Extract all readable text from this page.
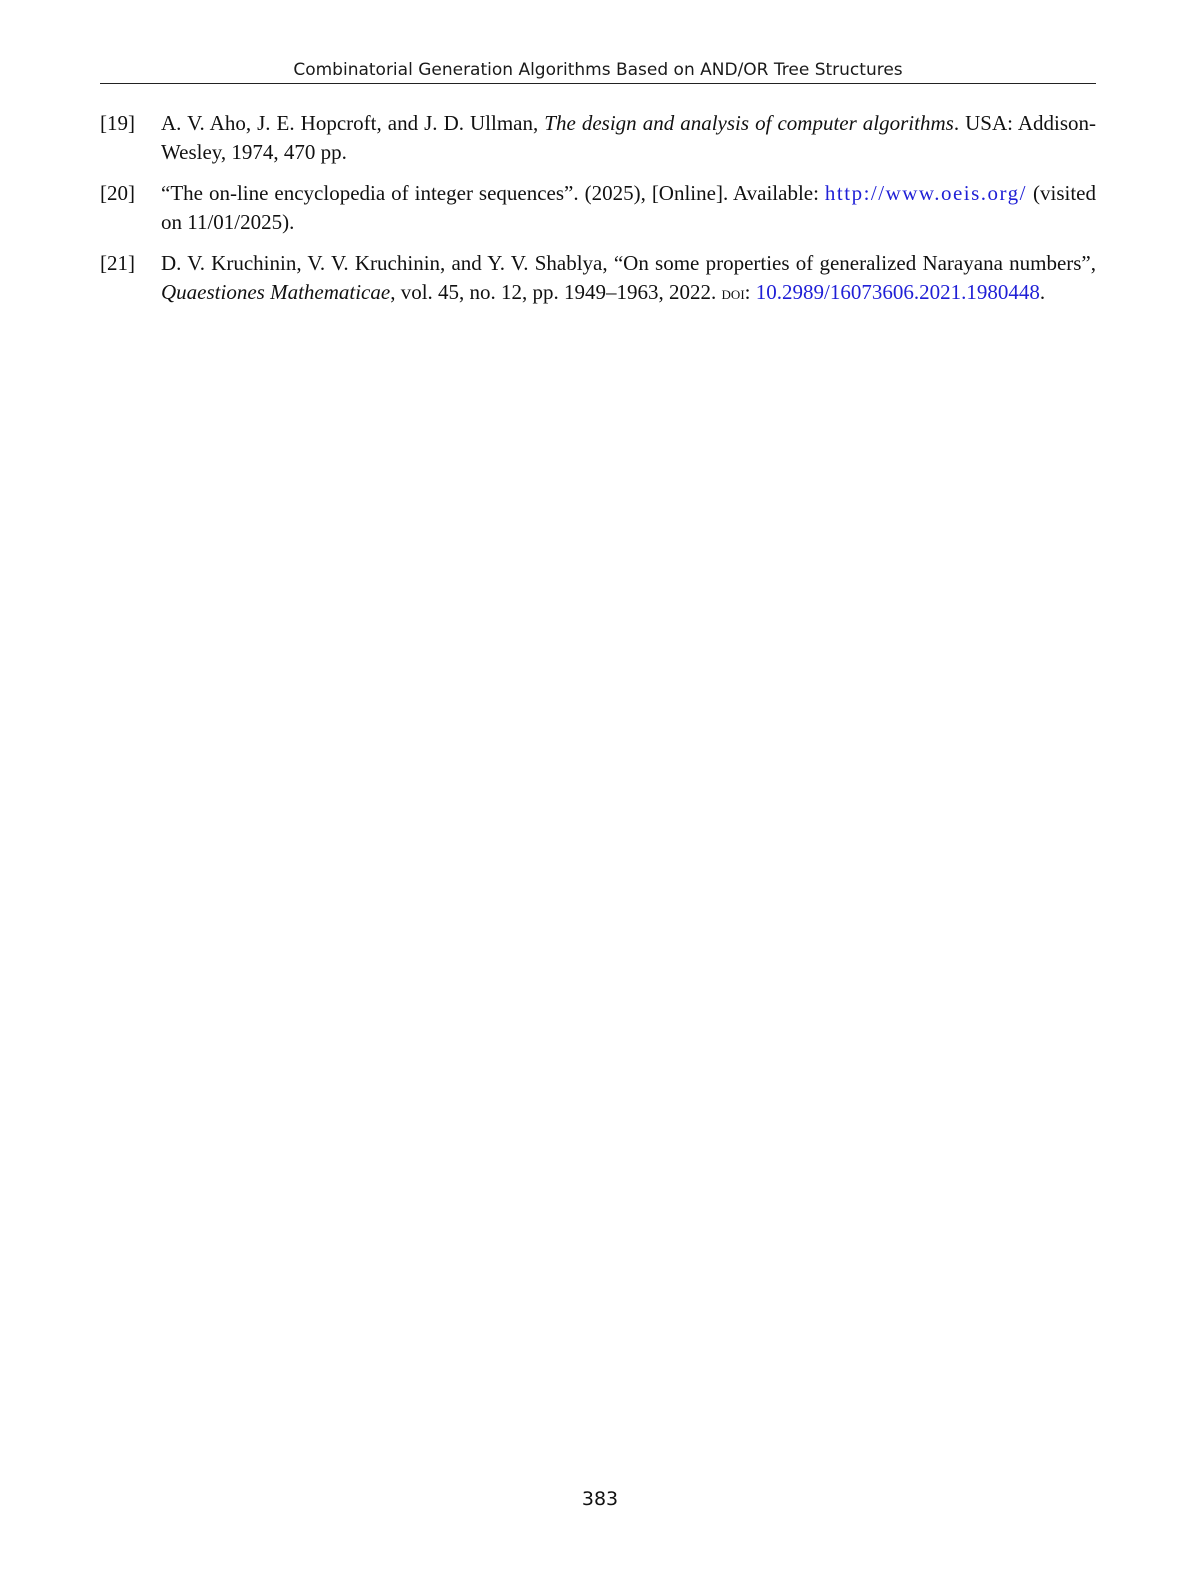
Combinatorial Generation Algorithms Based on AND/OR Tree Structures
[19] A. V. Aho, J. E. Hopcroft, and J. D. Ullman, The design and analysis of computer algorithms. USA: Addison-Wesley, 1974, 470 pp.
[20] “The on-line encyclopedia of integer sequences”. (2025), [Online]. Available: http://www.oeis.org/ (visited on 11/01/2025).
[21] D. V. Kruchinin, V. V. Kruchinin, and Y. V. Shablya, “On some properties of generalized Narayana numbers”, Quaestiones Mathematicae, vol. 45, no. 12, pp. 1949–1963, 2022. doi: 10.2989/16073606.2021.1980448.
383
